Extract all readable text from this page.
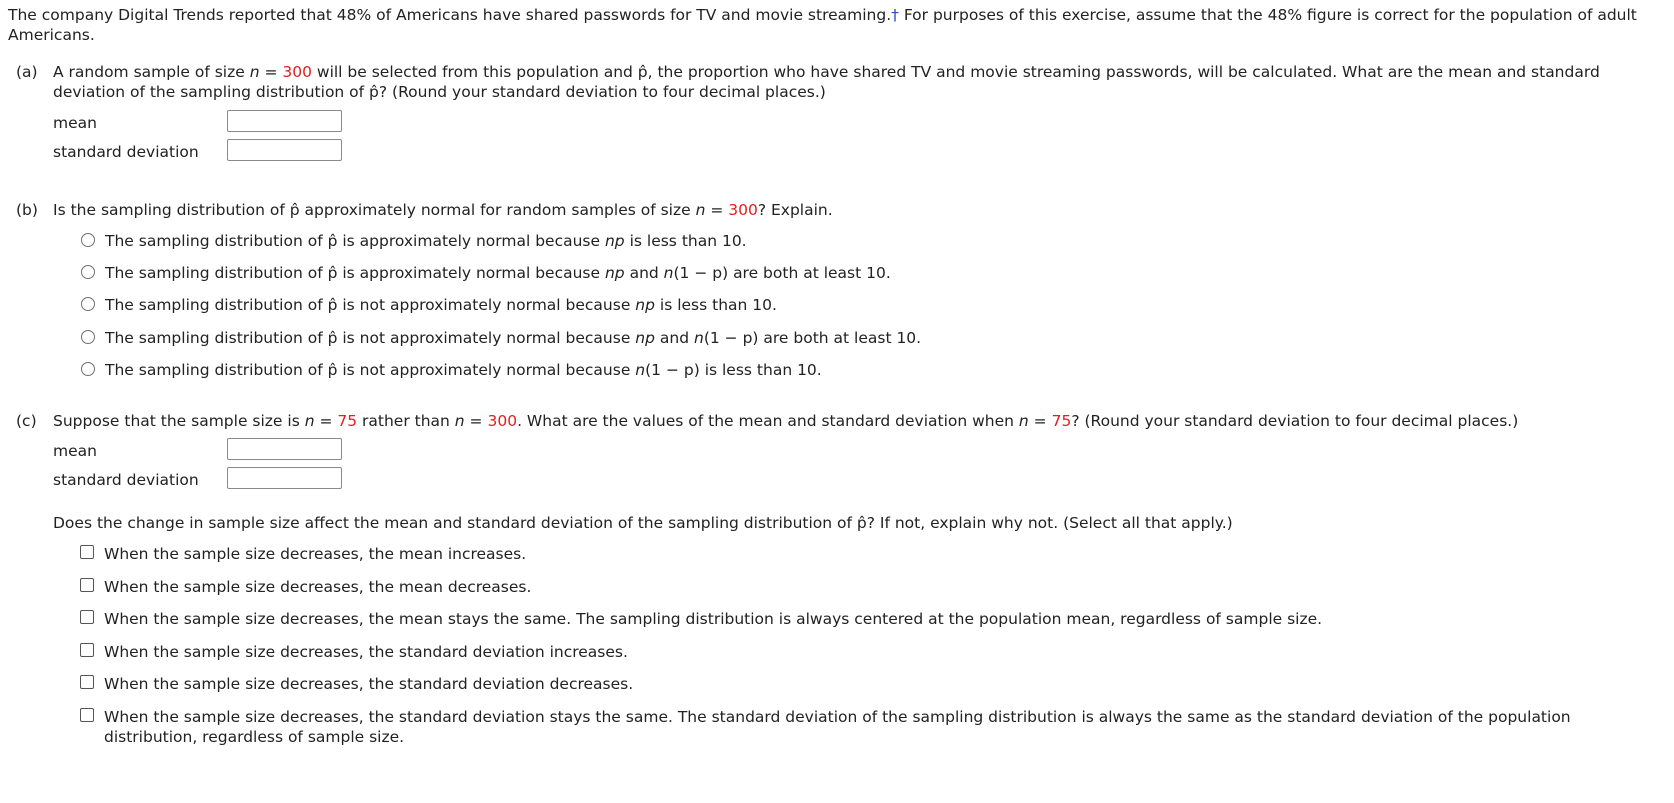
The company Digital Trends reported that 48% of Americans have shared passwords for TV and movie streaming.† For purposes of this exercise, assume that the 48% figure is correct for the population of adult
Americans.
(a) A random sample of size n = 300 will be selected from this population and p̂, the proportion who have shared TV and movie streaming passwords, will be calculated. What are the mean and standard
deviation of the sampling distribution of p̂? (Round your standard deviation to four decimal places.)
mean
standard deviation
(b) Is the sampling distribution of p̂ approximately normal for random samples of size n = 300? Explain.
The sampling distribution of p̂ is approximately normal because np is less than 10.
The sampling distribution of p̂ is approximately normal because np and n(1 − p) are both at least 10.
The sampling distribution of p̂ is not approximately normal because np is less than 10.
The sampling distribution of p̂ is not approximately normal because np and n(1 − p) are both at least 10.
The sampling distribution of p̂ is not approximately normal because n(1 − p) is less than 10.
(c) Suppose that the sample size is n = 75 rather than n = 300. What are the values of the mean and standard deviation when n = 75? (Round your standard deviation to four decimal places.)
mean
standard deviation
Does the change in sample size affect the mean and standard deviation of the sampling distribution of p̂? If not, explain why not. (Select all that apply.)
When the sample size decreases, the mean increases.
When the sample size decreases, the mean decreases.
When the sample size decreases, the mean stays the same. The sampling distribution is always centered at the population mean, regardless of sample size.
When the sample size decreases, the standard deviation increases.
When the sample size decreases, the standard deviation decreases.
When the sample size decreases, the standard deviation stays the same. The standard deviation of the sampling distribution is always the same as the standard deviation of the population
distribution, regardless of sample size.
